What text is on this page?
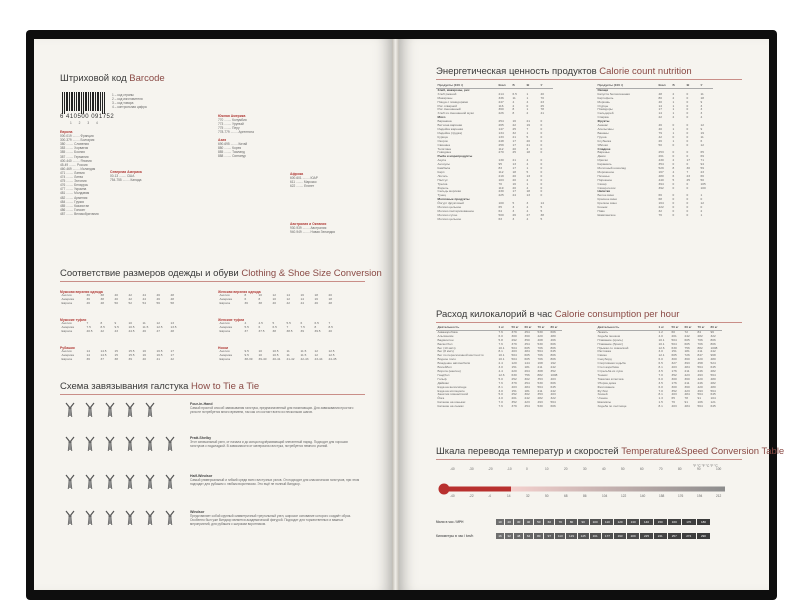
Штриховой код Barcode
6 410500 091752
1 2 3 4
1 – код страны
2 – код изготовителя
3 – код товара
4 – контрольная цифра
Европа
000-019 ........ Франция
300-379 ........ Болгария
380 ........ Словения
383 ........ Хорватия
385 ........ Босния
387 ........ Германия
400-440 ........ Япония
45-49 ........ Россия
460-469 ........ Исландия
471 ........ Латвия
474 ........ Литва
475 ........ Эстония
476 ........ Беларусь
477 ........ Украина
481 ........ Молдавия
482 ........ Армения
484 ........ Грузия
485 ........ Казахстан
486 ........ Гонконг
487 ........ Великобритания
Северная Америка
00-13 ........ США
754-755 ........ Канада
Южная Америка
770 ........ Колумбия
773 ........ Уругвай
775 ........ Перу
778-779 ........ Аргентина
Азия
690-695 ........ Китай
880 ........ Корея
885 ........ Таиланд
888 ........ Сингапур
Африка
600-601 ........ ЮАР
611 ........ Марокко
622 ........ Египет
Австралия и Океания
930-939 ........ Австралия
940-949 ........ Новая Зеландия
Соответствие размеров одежды и обуви Clothing & Shoe Size Conversion
Мужская верхняя одежда
Англия	36	38	40	42	44	46	48
Америка	36	38	40	42	44	46	48
Европа	46	48	50	52	54	56	58
Женская верхняя одежда
Англия	8	10	12	14	16	18	20
Америка	6	8	10	12	14	16	18
Европа	36	38	40	42	44	46	48
Мужские туфли
Англия	7	8	9	10	11	12	13
Америка	7.5	8.5	9.5	10.5	11.5	12.5	13.5
Европа	40.5	42	43	44.5	46	47	48
Женские туфли
Англия	4	4.5	5	5.5	6	6.5	7
Америка	5.5	6	6.5	7	7.5	8	8.5
Европа	37	37.5	38	38.5	39	39.5	40
Рубашки
Англия	14	14.5	15	15.5	16	16.5	17
Америка	14	14.5	15	15.5	16	16.5	17
Европа	36	37	38	39	40	41	42
Носки
Англия	9.5	10	10.5	11	11.5	12	12.5
Америка	9.5	10	10.5	11	11.5	12	12.5
Европа	38-39	39-40	40-41	41-42	42-43	43-44	44-45
Схема завязывания галстука How to Tie a Tie
Four-in-Hand
Самый простой способ завязывания галстука, предназначенный для начинающих. Для завязывания простого узла не потребуется много времени, так как он состоит всего из нескольких шагов.
Pratt-Shelby
Этот изначальный узел, от начала и до конца подчёркивающий элегантный наряд. Подходит для хороших галстуков с подкладкой. В зависимости от материала галстука, потребуется немного усилий.
Half-Windsor
Самый универсальный и гибкий среди всех галстучных узлов. Он подходит для классических галстуков, при этом подходит для рубашек с любым воротником. Это ещё не полный Виндзор.
Windsor
Представляет собой крупный симметричный треугольный узел, широкое основание которого создаёт образ. Особенно был уже Виндзор является академической фигурой. Подходит для торжественных и важных мероприятий, для рубашек с широким воротником.
Энергетическая ценность продуктов Calorie count nutrition
Продукты (100 г)	Ккал	Б	Ж	У
Хлеб, макароны, рис				
Хлеб ржаной	214	6.5	1	40
Макароны	336	11	1	70
Пицца с помидорами	247	4	4	23
Рис отварной	116	2	0	25
Рис смешанный	360	8	1	78
Хлеб из смешанной муки	226	8	2	41
Мясо				
Баранина	254	16	21	0
Ветчина варёная	265	22	19	0
Индейка жареная	147	25	7	0
Индейка (грудка)	134	32	1	0
Курица	133	21	5	0
Окорок	248	17	20	0
Свинина	259	17	21	0
Телятина	112	20	3	0
Говядина	270	25	18	0
Рыба и морепродукты				
Акула	130	21	4	0
Анчоусы	95	13	4	0
Камбала	83	17	1	0
Карп	112	18	5	0
Лосось	219	20	13	0
Палтус	103	20	2	0
Треска	70	16	1	0
Форель	119	20	4	0
Сельдь морская	230	17	18	0
Тунец	225	24	13	0
Молочные продукты				
Йогурт фруктовый	100	5	3	14
Молоко цельное	65	3	4	5
Молоко пастеризованное	64	3	4	5
Молоко сухое	500	26	27	38
Молоко цельное	63	3	4	5
Продукты (100 г)	Ккал	Б	Ж	У
Овощи				
Капуста белокочанная	48	2	0	11
Картофель	80	2	0	18
Морковь	40	1	0	9
Огурцы	14	1	0	3
Помидоры	17	1	0	3
Сельдерей	14	1	0	3
Спаржа	22	2	0	4
Фрукты				
Ананас	46	0	0	12
Апельсины	40	1	0	9
Бананы	79	1	0	19
Груша	42	0	0	11
Клубника	26	1	0	6
Яблоки	50	0	0	12
Сладкое				
Варенье	253	0	0	65
Джем	261	0	0	69
Ириски	430	2	17	71
Карамель	354	0	0	94
Молочный шоколад	529	8	30	59
Мороженое	167	4	7	23
Печенье	480	6	23	66
Пирожное	440	5	25	50
Сахар	394	0	0	105
Сахар-песок	392	0	0	100
Напитки				
Белое вино	66	0	0	1
Красное вино	68	0	0	0
Крепкое вино	164	0	0	12
Коньяк	222	0	0	0
Пиво	32	0	0	2
Шампанское	76	0	0	1
Расход килокалорий в час Calorie consumption per hour
Деятельность	1 кг	50 кг	60 кг	70 кг	80 кг
Аквааэробика	7.6	379	454	530	606
Альпинизм	6.0	300	360	420	480
Бадминтон	5.8	292	350	408	466
Баскетбол	7.6	379	454	530	606
Бег (10 км/ч)	10.1	504	605	706	806
Бег (8 км/ч)	8.1	403	484	564	645
Бег по пересечённой местности	10.1	504	605	706	806
Водное поло	10.1	504	605	706	806
Вождение автомобиля	2.4	120	144	168	192
Волейбол	3.0	151	181	211	242
Ворота (наклон)	4.4	220	264	308	352
Гандбол	12.6	630	756	882	1008
Гольф	5.0	252	302	353	403
Дайвинг	7.6	379	454	530	606
Ездa на велосипеде	8.1	403	484	564	645
Езда на мотоцикле	3.0	151	181	211	242
Занятия гимнастикой	5.0	252	302	353	403
Йога	4.0	201	242	282	322
Катание на коньках	7.0	352	423	493	564
Катание на лыжах	7.6	379	454	530	606
Деятельность	1 кг	50 кг	60 кг	70 кг	80 кг
Лежать	1.2	60	72	84	96
Ходьба пешком	4.0	201	242	282	322
Плавание (кроль)	10.1	504	605	706	806
Плавание (брасс)	10.1	504	605	706	806
Прыжки со скакалкой	12.6	630	756	882	1008
Растяжка	3.0	151	181	211	242
Сквош	12.1	605	726	847	968
Сноуборд	6.0	300	360	420	480
Спортивная ходьба	6.5	327	393	458	524
Степ аэробика	8.1	403	484	564	645
Стрельба из лука	3.5	176	211	246	282
Теннис	7.0	352	423	493	564
Тяжёлая атлетика	6.0	300	360	420	480
Уборка дома	3.5	176	211	246	282
Фехтование	6.0	300	360	420	480
Футбол	7.0	352	423	493	564
Хоккей	8.1	403	484	564	645
Чтение	1.3	65	78	91	104
Шахматы	1.5	76	91	106	121
Ходьба по лестнице	8.1	403	484	564	645
Шкала перевода температур и скоростей Temperature&Speed Conversion Table
°F °C °F °C °F °C
-40	-30	-20	-10	0	10	20	30	40	50	60	70	80	90	100
-40	-22	-4	14	32	50	68	86	104	122	140	158	176	194	212
Мили в час / MPH	10	20	30	40	50	60	70	80	90	100	110	120	130	140	150	160	170	180
Километры в час / km/h	16	32	48	64	80	97	113	129	145	161	177	193	209	225	241	257	274	290
